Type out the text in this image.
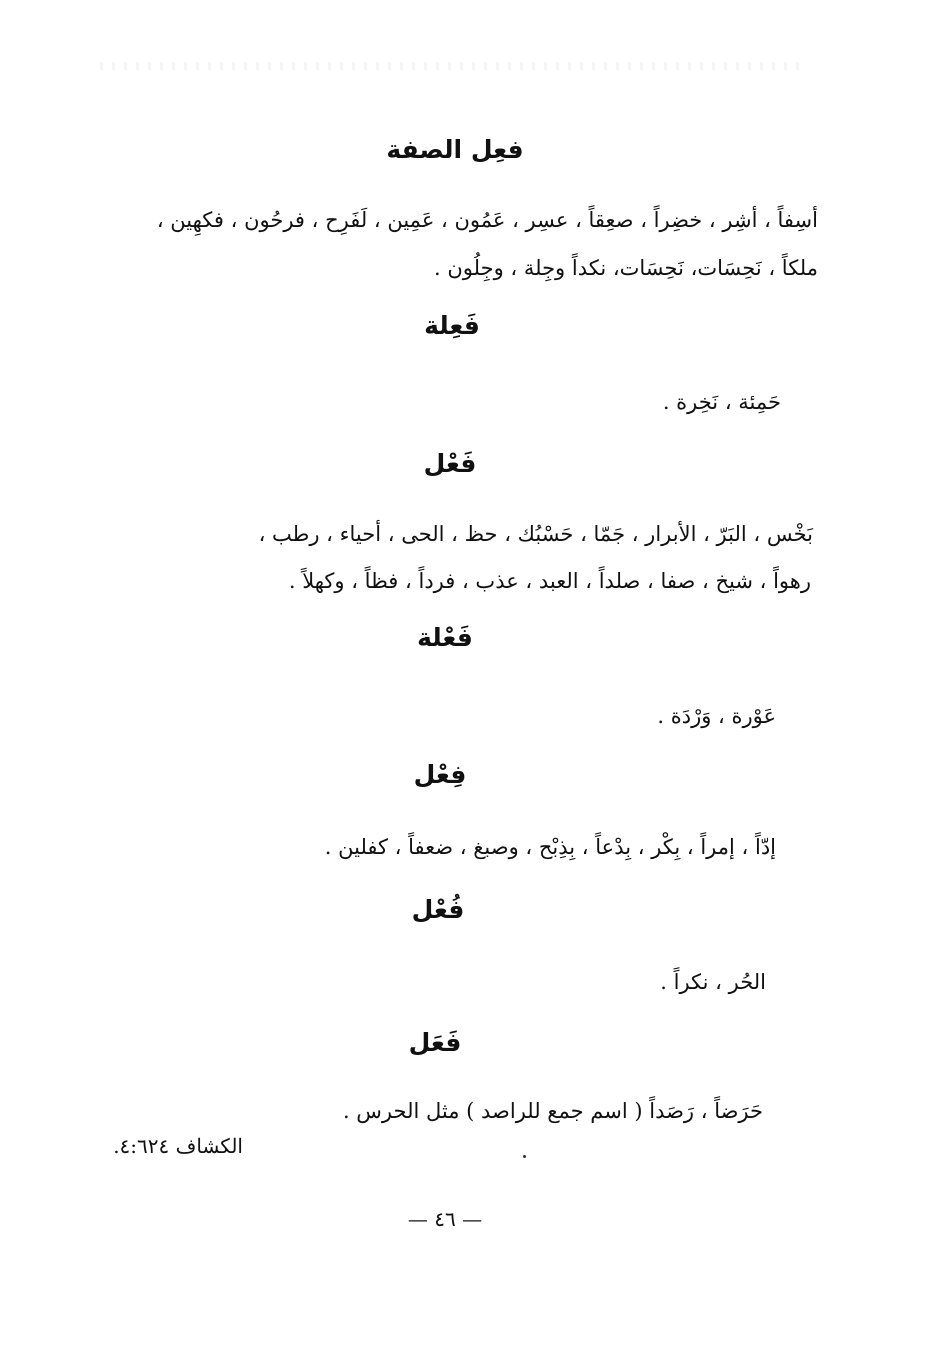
فعِل الصفة
أسِفاً ، أشِر ، خضِراً ، صعِقاً ، عسِر ، عَمُون ، عَمِين ، لَفَرِح ، فرحُون ، فكهِين ،
ملكاً ، نَحِسَات، نَحِسَات، نكداً وجِلة ، وجِلُون .
فَعِلة
حَمِئة ، نَخِرة .
فَعْل
بَخْس ، البَرّ ، الأبرار ، جَمّا ، حَسْبُك ، حظ ، الحى ، أحياء ، رطب ،
رهواً ، شيخ ، صفا ، صلداً ، العبد ، عذب ، فرداً ، فظاً ، وكهلاً .
فَعْلة
عَوْرة ، وَرْدَة .
فِعْل
إدّاً ، إمراً ، بِكْر ، بِدْعاً ، بِذِبْح ، وصبغ ، ضعفاً ، كفلين .
فُعْل
الحُر ، نكراً .
فَعَل
حَرَضاً ، رَصَداً ( اسم جمع للراصد ) مثل الحرس .
الكشاف ٤:٦٢٤.
— ٤٦ —
